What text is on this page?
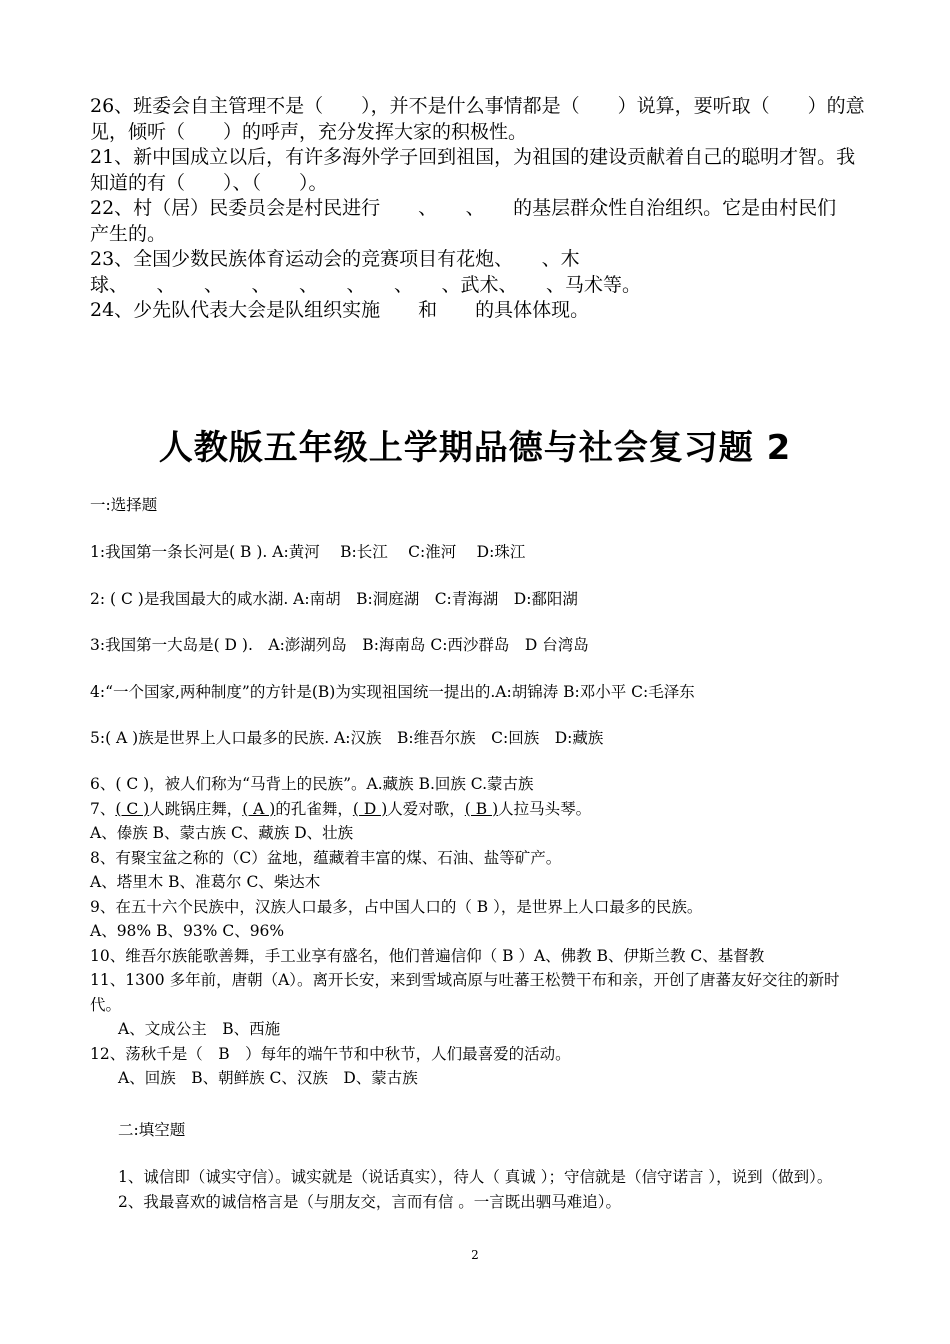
26、班委会自主管理不是（　　），并不是什么事情都是（　　）说算，要听取（　　）的意见，倾听（　　）的呼声，充分发挥大家的积极性。

21、新中国成立以后，有许多海外学子回到祖国，为祖国的建设贡献着自己的聪明才智。我知道的有（　　）、（　　）。

22、村（居）民委员会是村民进行　　、　　、　　的基层群众性自治组织。它是由村民们　　产生的。

23、全国少数民族体育运动会的竞赛项目有花炮、　　、木球、　　、　　、　　、　　、　　、　　、　　、武术、　　、马术等。

24、少先队代表大会是队组织实施　　和　　的具体体现。

人教版五年级上学期品德与社会复习题 2

一:选择题

1:我国第一条长河是( B ). A:黄河　 B:长江　 C:淮河　 D:珠江

2: ( C )是我国最大的咸水湖. A:南胡　B:洞庭湖　C:青海湖　D:鄱阳湖

3:我国第一大岛是( D ).　A:澎湖列岛　B:海南岛 C:西沙群岛　D 台湾岛

4:“一个国家,两种制度”的方针是(B)为实现祖国统一提出的.A:胡锦涛 B:邓小平 C:毛泽东

5:( A )族是世界上人口最多的民族. A:汉族　B:维吾尔族　C:回族　D:藏族

6、( C )，被人们称为“马背上的民族”。A.藏族 B.回族 C.蒙古族

7、( C )人跳锅庄舞，( A )的孔雀舞，( D )人爱对歌，( B )人拉马头琴。

A、傣族 B、蒙古族 C、藏族 D、壮族

8、有聚宝盆之称的（C）盆地，蕴藏着丰富的煤、石油、盐等矿产。

A、塔里木 B、准葛尔 C、柴达木

9、在五十六个民族中，汉族人口最多，占中国人口的（ B ），是世界上人口最多的民族。

A、98% B、93% C、96%

10、维吾尔族能歌善舞，手工业享有盛名，他们普遍信仰（ B ）A、佛教 B、伊斯兰教 C、基督教

11、1300 多年前，唐朝（A）。离开长安，来到雪域高原与吐蕃王松赞干布和亲，开创了唐蕃友好交往的新时代。

A、文成公主　B、西施

12、荡秋千是（　B　）每年的端午节和中秋节，人们最喜爱的活动。

A、回族　B、朝鲜族 C、汉族　D、蒙古族

二:填空题

1、诚信即（诚实守信）。诚实就是（说话真实），待人（ 真诚 ）；守信就是（信守诺言 ），说到（做到）。

2、我最喜欢的诚信格言是（与朋友交，言而有信 。一言既出驷马难追）。

2
